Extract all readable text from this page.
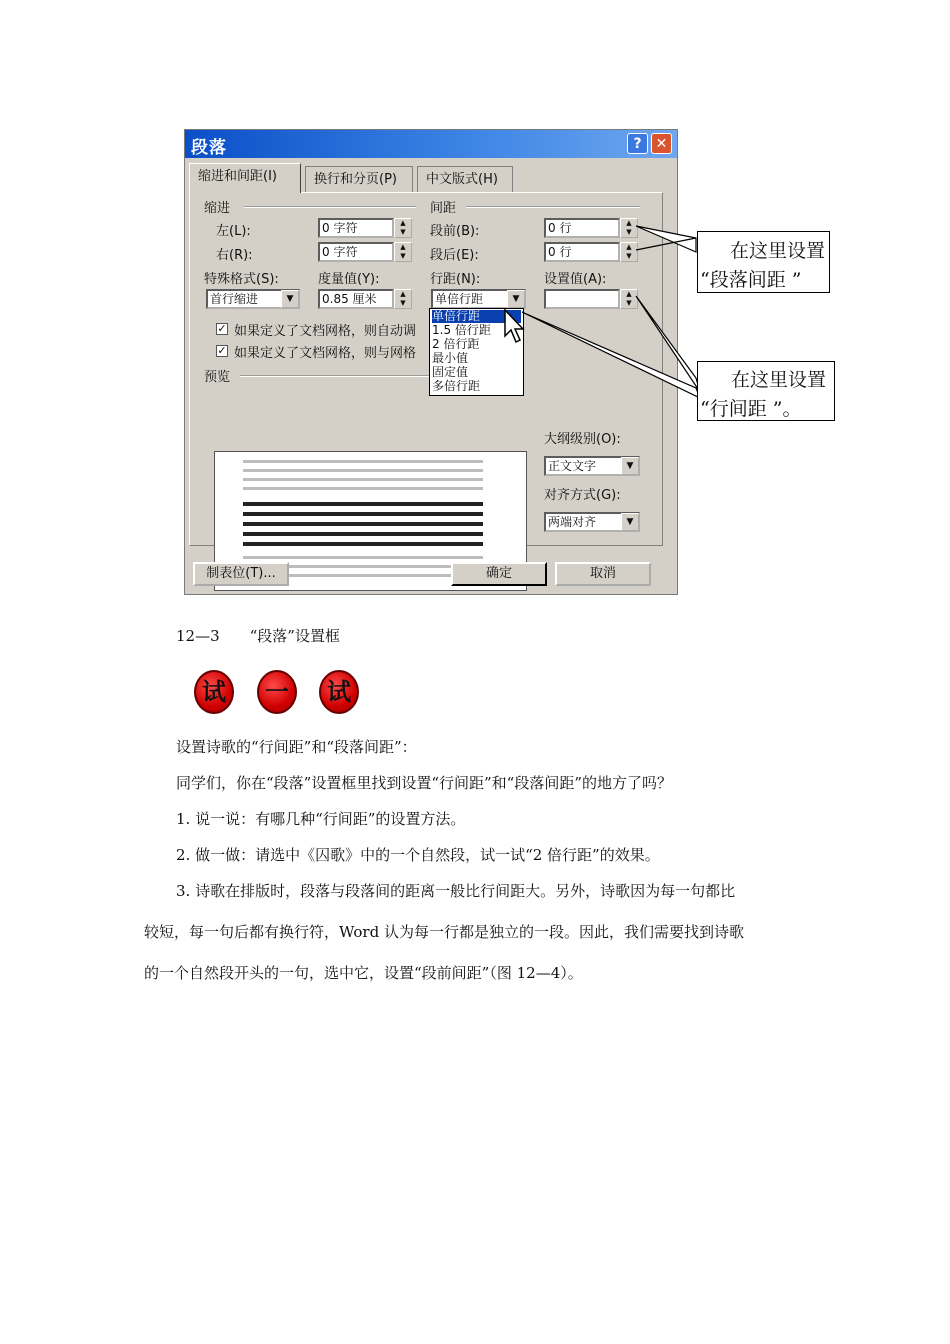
段落	?	✕
缩进和间距(I)	换行和分页(P)	中文版式(H)
缩进
左(L):	0 字符	▲
▼
右(R):	0 字符	▲
▼
特殊格式(S):
首行缩进	▼
度量值(Y):
0.85 厘米	▲
▼
间距
段前(B):	0 行	▲
▼
段后(E):	0 行	▲
▼
行距(N):
单倍行距	▼
设置值(A):
▲
▼
✓ 如果定义了文档网格，则自动调
✓ 如果定义了文档网格，则与网格
预览
大纲级别(O):
正文文字	▼
对齐方式(G):
两端对齐	▼
单倍行距
1.5 倍行距
2 倍行距
最小值
固定值
多倍行距
制表位(T)...	确定	取消
在这里设置
“段落间距 ”
在这里设置
“行间距 ”。
12—3　　“段落”设置框
试	一	试
设置诗歌的“行间距”和“段落间距”：
同学们，你在“段落”设置框里找到设置“行间距”和“段落间距”的地方了吗？
1. 说一说：有哪几种“行间距”的设置方法。
2. 做一做：请选中《囚歌》中的一个自然段，试一试“2 倍行距”的效果。
3. 诗歌在排版时，段落与段落间的距离一般比行间距大。另外，诗歌因为每一句都比
较短，每一句后都有换行符，Word 认为每一行都是独立的一段。因此，我们需要找到诗歌
的一个自然段开头的一句，选中它，设置“段前间距”（图 12—4）。
